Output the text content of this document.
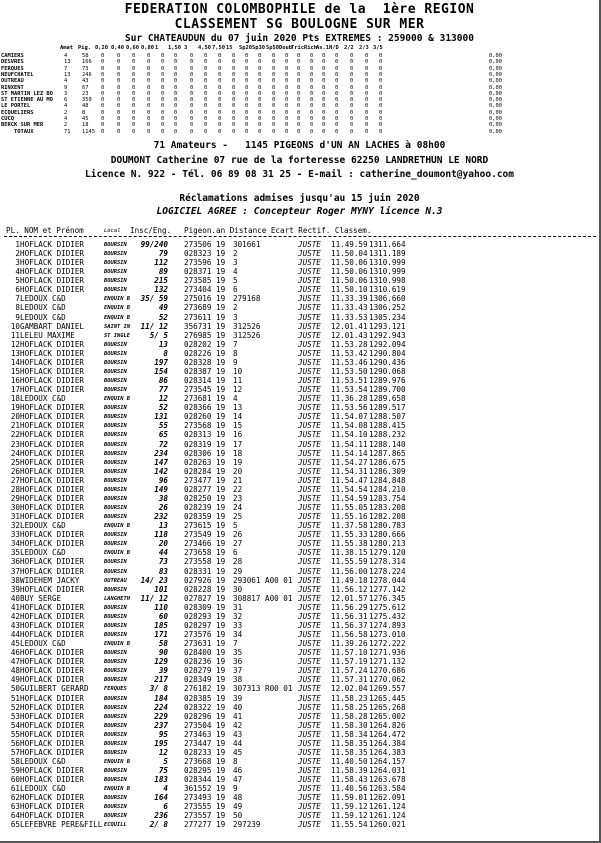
FEDERATION COLOMBOPHILE de la  1ère REGION
CLASSEMENT SG BOULOGNE SUR MER
Sur CHATEAUDUN du 07 juin 2020 Pts EXTREMES : 259000 & 313000
Amat Pig. 0,20 0,40 0,60 0,80 1 1,50 3 4,50 7,50 15 Sp20 Sp30 Sp50 Doub Tric Rich As.1 N/D 2/2 2/3 3/5
CAMIERS	4	58 0 0 0 0 0 0 0 0 0 0 0 0 0 0 0 0 0 0 0 0 0	0,00
DESVRES	13 166 0 0 0 0 0 0 0 0 0 0 0 0 0 0 0 0 0 0 0 0 0	0,00
FERQUES	7	73 0 0 0 0 0 0 0 0 0 0 0 0 0 0 0 0 0 0 0 0 0	0,00
NEUFCHATEL	13 246 0 0 0 0 0 0 0 0 0 0 0 0 0 0 0 0 0 0 0 0 0	0,00
OUTREAU	4	43 0 0 0 0 0 0 0 0 0 0 0 0 0 0 0 0 0 0 0 0 0	0,00
RINXENT	9	67 0 0 0 0 0 0 0 0 0 0 0 0 0 0 0 0 0 0 0 0 0	0,00
ST MARTIN LEZ BO 3	23 0 0 0 0 0 0 0 0 0 0 0 0 0 0 0 0 0 0 0 0 0	0,00
ST ETIENNE AU MO 6	350 0 0 0 0 0 0 0 0 0 0 0 0 0 0 0 0 0 0 0 0 0	0,00
LE PORTEL	4	48 0 0 0 0 0 0 0 0 0 0 0 0 0 0 0 0 0 0 0 0 0	0,00
ECQUELIERS	2	8	0 0 0 0 0 0 0 0 0 0 0 0 0 0 0 0 0 0 0 0 0	0,00
CUCQ	4	45 0 0 0 0 0 0 0 0 0 0 0 0 0 0 0 0 0 0 0 0 0	0,00
BERCK SUR MER	2	18 0 0 0 0 0 0 0 0 0 0 0 0 0 0 0 0 0 0 0 0 0	0,00
TOTAUX	71 1145 0 0 0 0 0 0 0 0 0 0 0 0 0 0 0 0 0 0 0 0 0	0,00
71 Amateurs -   1145 PIGEONS d'UN AN LACHES à 08h00
DOUMONT Catherine 07 rue de la forteresse 62250 LANDRETHUN LE NORD
Licence N. 922 - Tél. 06 89 08 31 25 - E-mail : catherine_doumont@yahoo.com
Réclamations admises jusqu'au 15 juin 2020
LOGICIEL AGREE : Concepteur Roger MYNY licence N.3
PL. NOM et Prénom	Local Insc/Eng. Pigeon.an Distance Ecart Rectif. Classem.
1 HOFLACK DIDIER	BOURSIN	99/240 273506 19 301661	JUSTE 11.49.59 1311.664
2 HOFLACK DIDIER	BOURSIN	79 028323 19 2	JUSTE 11.50.04 1311.189
3 HOFLACK DIDIER	BOURSIN	112 273596 19 3	JUSTE 11.50.06 1310.999
4 HOFLACK DIDIER	BOURSIN	89 028371 19 4	JUSTE 11.50.06 1310.999
5 HOFLACK DIDIER	BOURSIN	215 273585 19 5	JUSTE 11.50.06 1310.998
6 HOFLACK DIDIER	BOURSIN	132 273404 19 6	JUSTE 11.50.10 1310.619
7 LEDOUX C&D	ENQUIN B	35/ 59 275016 19 279168	JUSTE 11.33.39 1306.660
8 LEDOUX C&D	ENQUIN B	49 273689 19 2	JUSTE 11.33.43 1306.252
9 LEDOUX C&D	ENQUIN B	52 273611 19 3	JUSTE 11.33.53 1305.234
10 GAMBART DANIEL	SAINT IN	11/ 12 356731 19 312526	JUSTE 12.01.41 1293.121
11 LELEU MAXIME	ST INGLE	5/ 5 276985 19 312526	JUSTE 12.01.43 1292.943
12 HOFLACK DIDIER	BOURSIN	13 028202 19 7	JUSTE 11.53.28 1292.094
13 HOFLACK DIDIER	BOURSIN	8 028226 19 8	JUSTE 11.53.42 1290.804
14 HOFLACK DIDIER	BOURSIN	197 028328 19 9	JUSTE 11.53.46 1290.436
15 HOFLACK DIDIER	BOURSIN	154 028387 19 10	JUSTE 11.53.50 1290.068
16 HOFLACK DIDIER	BOURSIN	86 028314 19 11	JUSTE 11.53.51 1289.976
17 HOFLACK DIDIER	BOURSIN	77 273545 19 12	JUSTE 11.53.54 1289.700
18 LEDOUX C&D	ENQUIN B	12 273681 19 4	JUSTE 11.36.28 1289.658
19 HOFLACK DIDIER	BOURSIN	52 028366 19 13	JUSTE 11.53.56 1289.517
20 HOFLACK DIDIER	BOURSIN	131 028260 19 14	JUSTE 11.54.07 1288.507
21 HOFLACK DIDIER	BOURSIN	55 273568 19 15	JUSTE 11.54.08 1288.415
22 HOFLACK DIDIER	BOURSIN	65 028313 19 16	JUSTE 11.54.10 1288.232
23 HOFLACK DIDIER	BOURSIN	72 028319 19 17	JUSTE 11.54.11 1288.140
24 HOFLACK DIDIER	BOURSIN	234 028306 19 18	JUSTE 11.54.14 1287.865
25 HOFLACK DIDIER	BOURSIN	147 028263 19 19	JUSTE 11.54.27 1286.675
26 HOFLACK DIDIER	BOURSIN	142 028284 19 20	JUSTE 11.54.31 1286.309
27 HOFLACK DIDIER	BOURSIN	96 273477 19 21	JUSTE 11.54.47 1284.848
28 HOFLACK DIDIER	BOURSIN	149 028277 19 22	JUSTE 11.54.54 1284.210
29 HOFLACK DIDIER	BOURSIN	38 028250 19 23	JUSTE 11.54.59 1283.754
30 HOFLACK DIDIER	BOURSIN	26 028239 19 24	JUSTE 11.55.05 1283.208
31 HOFLACK DIDIER	BOURSIN	232 028359 19 25	JUSTE 11.55.16 1282.208
32 LEDOUX C&D	ENQUIN B	13 273615 19 5	JUSTE 11.37.58 1280.783
33 HOFLACK DIDIER	BOURSIN	118 273549 19 26	JUSTE 11.55.33 1280.666
34 HOFLACK DIDIER	BOURSIN	20 273466 19 27	JUSTE 11.55.38 1280.213
35 LEDOUX C&D	ENQUIN B	44 273658 19 6	JUSTE 11.38.15 1279.120
36 HOFLACK DIDIER	BOURSIN	73 273558 19 28	JUSTE 11.55.59 1278.314
37 HOFLACK DIDIER	BOURSIN	83 028331 19 29	JUSTE 11.56.00 1278.224
38 WIDEHEM JACKY	OUTREAU	14/ 23 027926 19 293061 A00 01 JUSTE 11.49.18 1278.044
39 HOFLACK DIDIER	BOURSIN	101 028228 19 30	JUSTE 11.56.12 1277.142
40 BUY SERGE	LANGHETH	11/ 12 027827 19 308817 A00 01 JUSTE 12.01.57 1276.345
41 HOFLACK DIDIER	BOURSIN	110 028309 19 31	JUSTE 11.56.29 1275.612
42 HOFLACK DIDIER	BOURSIN	60 028293 19 32	JUSTE 11.56.31 1275.432
43 HOFLACK DIDIER	BOURSIN	185 028297 19 33	JUSTE 11.56.37 1274.893
44 HOFLACK DIDIER	BOURSIN	171 273576 19 34	JUSTE 11.56.58 1273.010
45 LEDOUX C&D	ENQUIN B	58 273631 19 7	JUSTE 11.39.26 1272.222
46 HOFLACK DIDIER	BOURSIN	90 028400 19 35	JUSTE 11.57.10 1271.936
47 HOFLACK DIDIER	BOURSIN	129 028236 19 36	JUSTE 11.57.19 1271.132
48 HOFLACK DIDIER	BOURSIN	39 028279 19 37	JUSTE 11.57.24 1270.686
49 HOFLACK DIDIER	BOURSIN	217 028349 19 38	JUSTE 11.57.31 1270.062
50 GUILBERT GERARD	FERQUES	3/ 8 276182 19 307313 R00 01 JUSTE 12.02.04 1269.557
51 HOFLACK DIDIER	BOURSIN	184 028385 19 39	JUSTE 11.58.23 1265.445
52 HOFLACK DIDIER	BOURSIN	224 028322 19 40	JUSTE 11.58.25 1265.268
53 HOFLACK DIDIER	BOURSIN	229 028296 19 41	JUSTE 11.58.28 1265.002
54 HOFLACK DIDIER	BOURSIN	237 273504 19 42	JUSTE 11.58.30 1264.826
55 HOFLACK DIDIER	BOURSIN	95 273463 19 43	JUSTE 11.58.34 1264.472
56 HOFLACK DIDIER	BOURSIN	195 273447 19 44	JUSTE 11.58.35 1264.384
57 HOFLACK DIDIER	BOURSIN	12 028233 19 45	JUSTE 11.58.35 1264.383
58 LEDOUX C&D	ENQUIN B	5 273668 19 8	JUSTE 11.40.50 1264.157
59 HOFLACK DIDIER	BOURSIN	75 028295 19 46	JUSTE 11.58.39 1264.031
60 HOFLACK DIDIER	BOURSIN	183 028344 19 47	JUSTE 11.58.43 1263.678
61 LEDOUX C&D	ENQUIN B	4 361552 19 9	JUSTE 11.40.56 1263.584
62 HOFLACK DIDIER	BOURSIN	164 273493 19 48	JUSTE 11.59.01 1262.091
63 HOFLACK DIDIER	BOURSIN	6 273555 19 49	JUSTE 11.59.12 1261.124
64 HOFLACK DIDIER	BOURSIN	236 273557 19 50	JUSTE 11.59.12 1261.124
65 LEFEBVRE PERE&FILL ECQUILL	2/ 8 277277 19 297239	JUSTE 11.55.54 1260.021
